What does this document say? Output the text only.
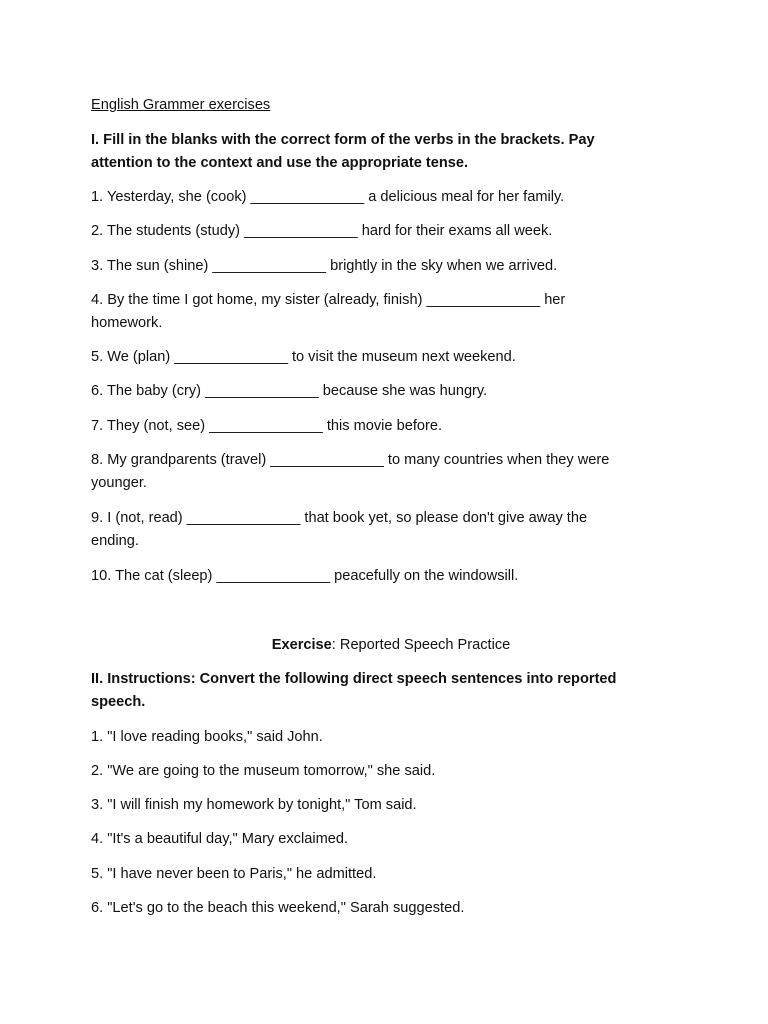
English Grammer exercises
I. Fill in the blanks with the correct form of the verbs in the brackets. Pay
attention to the context and use the appropriate tense.
1. Yesterday, she (cook) ______________ a delicious meal for her family.
2. The students (study) ______________ hard for their exams all week.
3. The sun (shine) ______________ brightly in the sky when we arrived.
4. By the time I got home, my sister (already, finish) ______________ her
homework.
5. We (plan) ______________ to visit the museum next weekend.
6. The baby (cry) ______________ because she was hungry.
7. They (not, see) ______________ this movie before.
8. My grandparents (travel) ______________ to many countries when they were
younger.
9. I (not, read) ______________ that book yet, so please don't give away the
ending.
10. The cat (sleep) ______________ peacefully on the windowsill.
Exercise: Reported Speech Practice
II. Instructions: Convert the following direct speech sentences into reported
speech.
1. "I love reading books," said John.
2. "We are going to the museum tomorrow," she said.
3. "I will finish my homework by tonight," Tom said.
4. "It's a beautiful day," Mary exclaimed.
5. "I have never been to Paris," he admitted.
6. "Let's go to the beach this weekend," Sarah suggested.
